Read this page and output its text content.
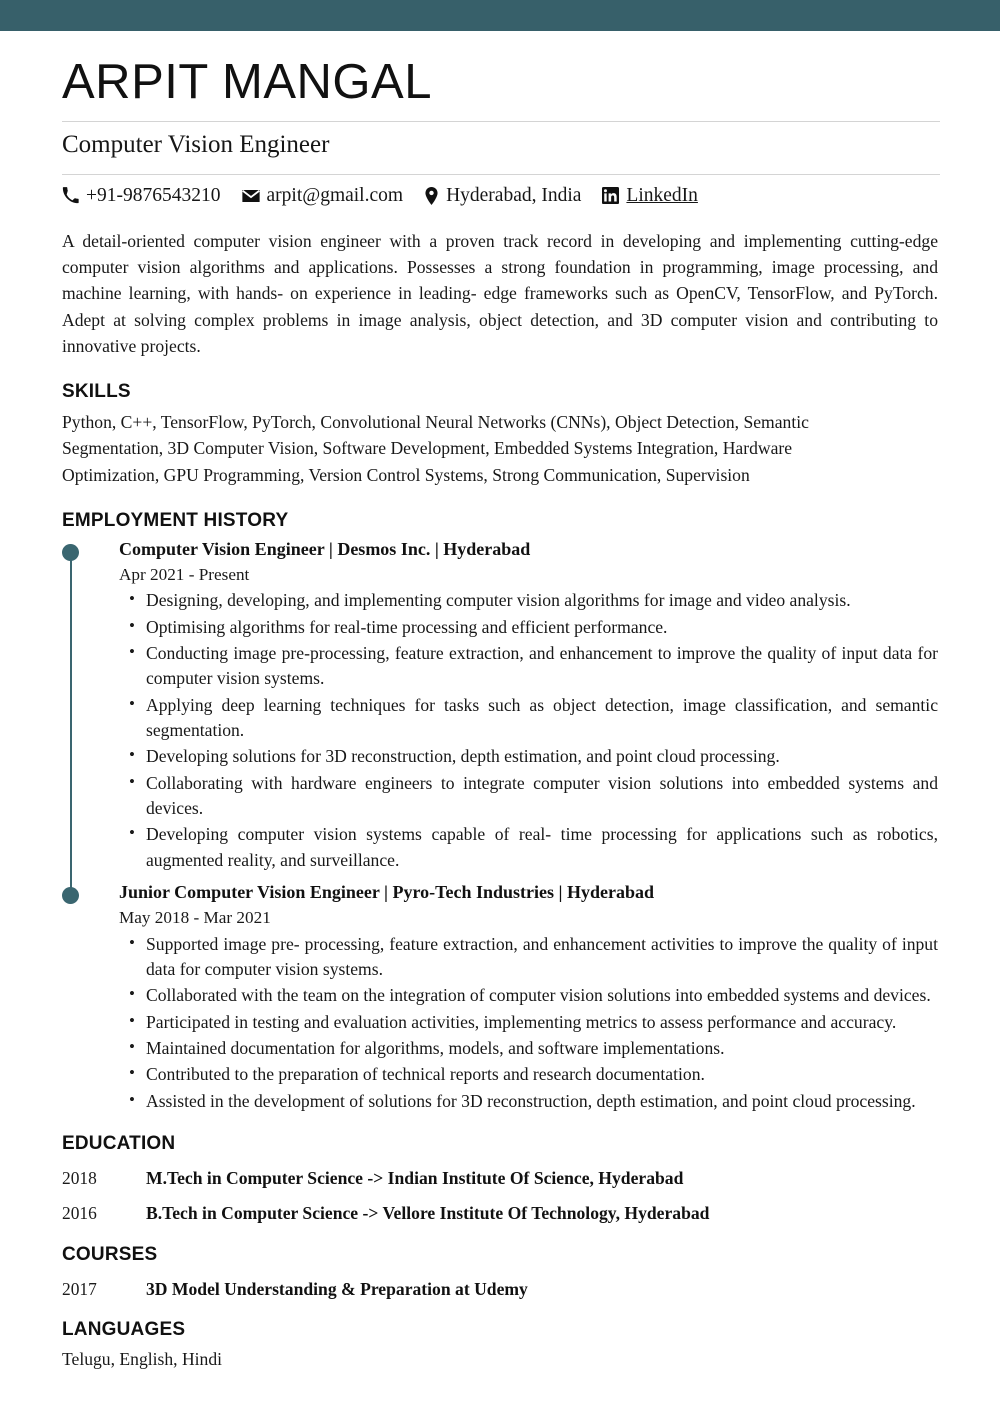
ARPIT MANGAL
Computer Vision Engineer
+91-9876543210 arpit@gmail.com Hyderabad, India LinkedIn
A detail-oriented computer vision engineer with a proven track record in developing and implementing cutting-edge computer vision algorithms and applications. Possesses a strong foundation in programming, image processing, and machine learning, with hands- on experience in leading- edge frameworks such as OpenCV, TensorFlow, and PyTorch. Adept at solving complex problems in image analysis, object detection, and 3D computer vision and contributing to innovative projects.
SKILLS
Python, C++, TensorFlow, PyTorch, Convolutional Neural Networks (CNNs), Object Detection, Semantic Segmentation, 3D Computer Vision, Software Development, Embedded Systems Integration, Hardware Optimization, GPU Programming, Version Control Systems, Strong Communication, Supervision
EMPLOYMENT HISTORY
Computer Vision Engineer | Desmos Inc. | Hyderabad
Apr 2021 - Present
• Designing, developing, and implementing computer vision algorithms for image and video analysis.
• Optimising algorithms for real-time processing and efficient performance.
• Conducting image pre-processing, feature extraction, and enhancement to improve the quality of input data for computer vision systems.
• Applying deep learning techniques for tasks such as object detection, image classification, and semantic segmentation.
• Developing solutions for 3D reconstruction, depth estimation, and point cloud processing.
• Collaborating with hardware engineers to integrate computer vision solutions into embedded systems and devices.
• Developing computer vision systems capable of real- time processing for applications such as robotics, augmented reality, and surveillance.
Junior Computer Vision Engineer | Pyro-Tech Industries | Hyderabad
May 2018 - Mar 2021
• Supported image pre- processing, feature extraction, and enhancement activities to improve the quality of input data for computer vision systems.
• Collaborated with the team on the integration of computer vision solutions into embedded systems and devices.
• Participated in testing and evaluation activities, implementing metrics to assess performance and accuracy.
• Maintained documentation for algorithms, models, and software implementations.
• Contributed to the preparation of technical reports and research documentation.
• Assisted in the development of solutions for 3D reconstruction, depth estimation, and point cloud processing.
EDUCATION
2018	M.Tech in Computer Science -> Indian Institute Of Science, Hyderabad
2016	B.Tech in Computer Science -> Vellore Institute Of Technology, Hyderabad
COURSES
2017	3D Model Understanding & Preparation at Udemy
LANGUAGES
Telugu, English, Hindi
